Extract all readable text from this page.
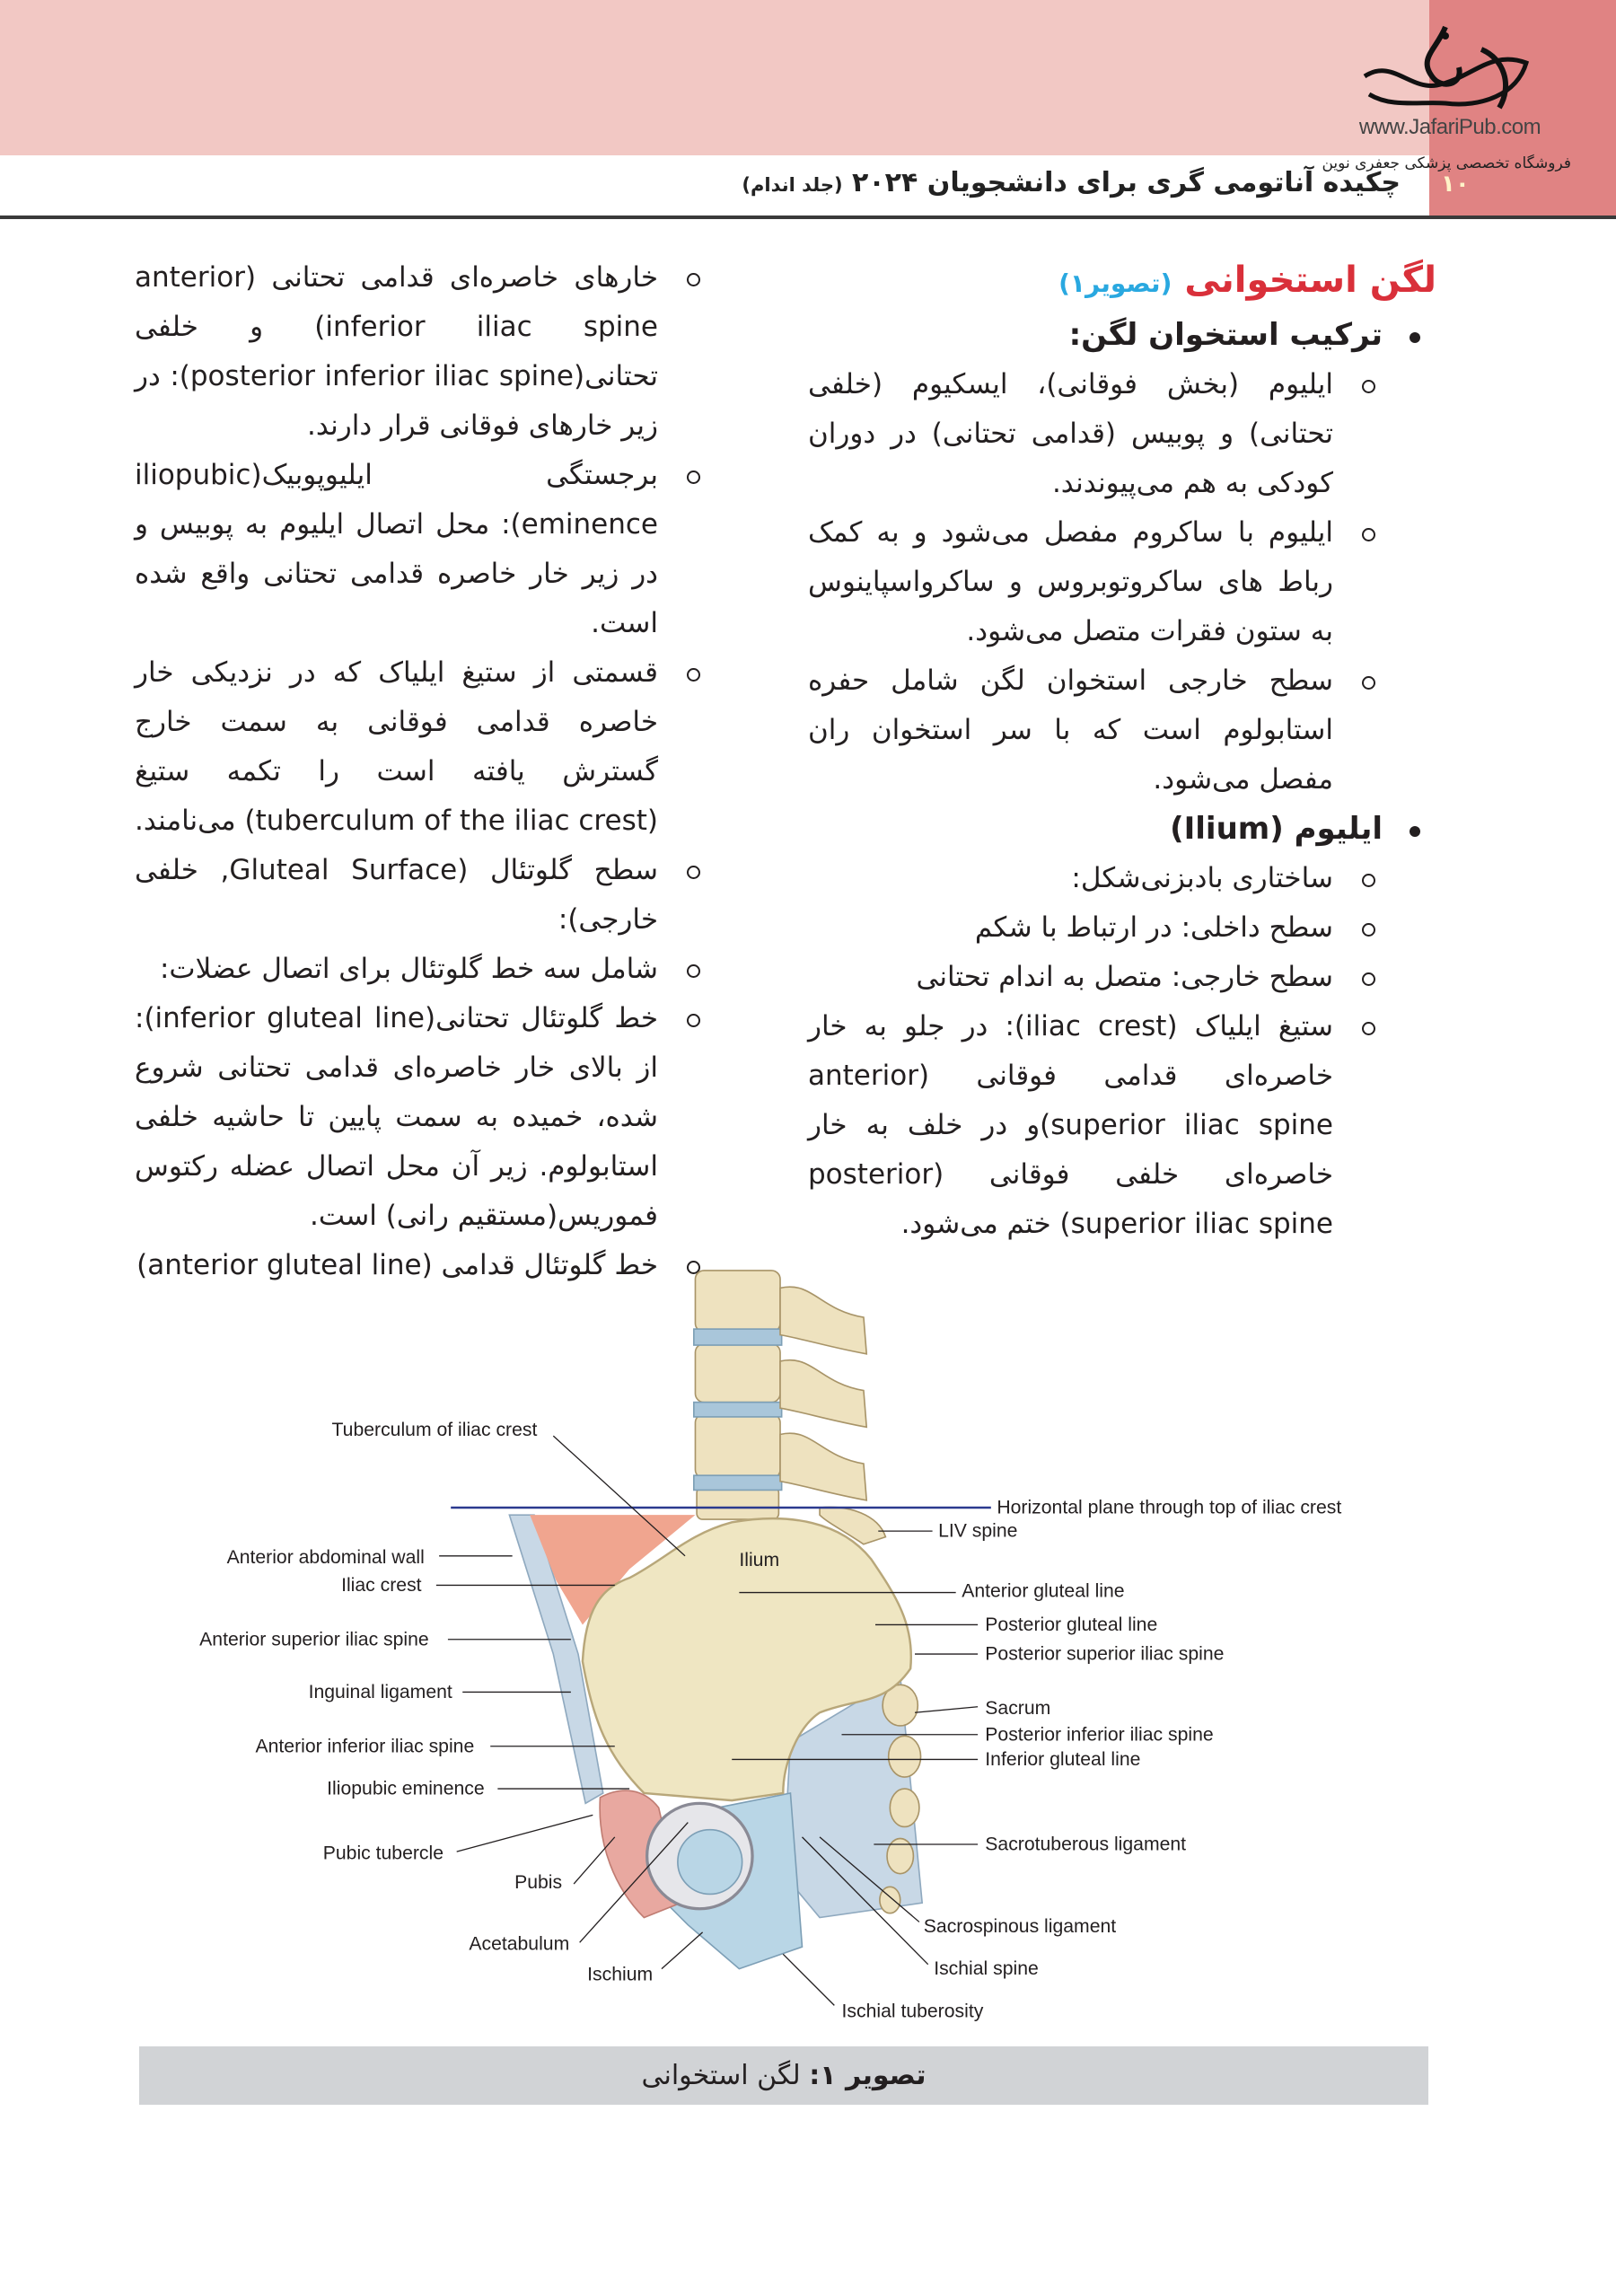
www.JafariPub.com
فروشگاه تخصصی پزشکی جعفری نوین
چکیده آناتومی گری برای دانشجویان ۲۰۲۴ (جلد اندام)	۱۰
لگن استخوانی (تصویر۱)
ترکیب استخوان لگن:
ایلیوم (بخش فوقانی)، ایسکیوم (خلفی تحتانی) و پوبیس (قدامی تحتانی) در دوران کودکی به هم می‌پیوندند.
ایلیوم با ساکروم مفصل می‌شود و به کمک رباط های ساکروتوبروس و ساکرواسپاینوس به ستون فقرات متصل می‌شود.
سطح خارجی استخوان لگن شامل حفره استابولوم است که با سر استخوان ران مفصل می‌شود.
ایلیوم (Ilium)
ساختاری بادبزنی‌شکل:
سطح داخلی: در ارتباط با شکم
سطح خارجی: متصل به اندام تحتانی
ستیغ ایلیاک (iliac crest): در جلو به خار خاصره‌ای قدامی فوقانی (anterior superior iliac spine)و در خلف به خار خاصره‌ای خلفی فوقانی (posterior superior iliac spine) ختم می‌شود.
خارهای خاصره‌ای قدامی تحتانی (anterior inferior iliac spine) و خلفی تحتانی(posterior inferior iliac spine): در زیر خارهای فوقانی قرار دارند.
برجستگی ایلیوپوبیک(iliopubic eminence): محل اتصال ایلیوم به پوبیس و در زیر خار خاصره قدامی تحتانی واقع شده است.
قسمتی از ستیغ ایلیاک که در نزدیکی خار خاصره قدامی فوقانی به سمت خارج گسترش یافته است را تکمه ستیغ (tuberculum of the iliac crest) می‌نامند.
سطح گلوتئال (Gluteal Surface, خلفی خارجی):
شامل سه خط گلوتئال برای اتصال عضلات:
خط گلوتئال تحتانی(inferior gluteal line): از بالای خار خاصره‌ای قدامی تحتانی شروع شده، خمیده به سمت پایین تا حاشیه خلفی استابولوم. زیر آن محل اتصال عضله رکتوس فموریس(مستقیم رانی) است.
خط گلوتئال قدامی (anterior gluteal line)
Tuberculum of iliac crest
Horizontal plane through top of iliac crest
LIV spine
Ilium
Anterior abdominal wall
Iliac crest	Anterior gluteal line
Posterior gluteal line
Anterior superior iliac spine
Posterior superior iliac spine
Inguinal ligament
Sacrum
Anterior inferior iliac spine
Posterior inferior iliac spine
Inferior gluteal line
Iliopubic eminence
Sacrotuberous ligament
Pubic tubercle
Pubis
Sacrospinous ligament
Acetabulum
Ischial spine
Ischium
Ischial tuberosity
تصویر ۱: لگن استخوانی
